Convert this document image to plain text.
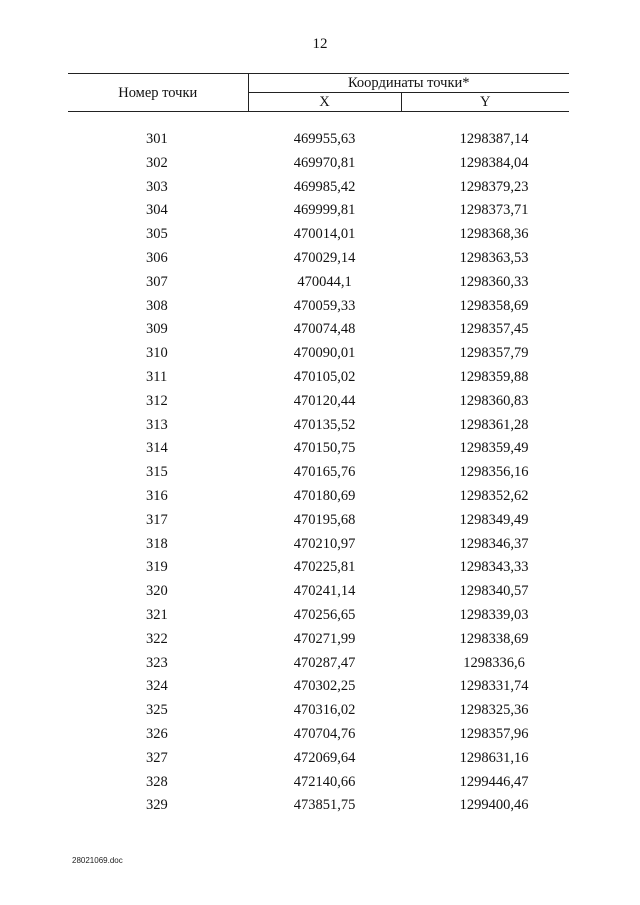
12
Номер точки	Координаты точки*	
	X	Y

301	469955,63	1298387,14
302	469970,81	1298384,04
303	469985,42	1298379,23
304	469999,81	1298373,71
305	470014,01	1298368,36
306	470029,14	1298363,53
307	470044,1	1298360,33
308	470059,33	1298358,69
309	470074,48	1298357,45
310	470090,01	1298357,79
311	470105,02	1298359,88
312	470120,44	1298360,83
313	470135,52	1298361,28
314	470150,75	1298359,49
315	470165,76	1298356,16
316	470180,69	1298352,62
317	470195,68	1298349,49
318	470210,97	1298346,37
319	470225,81	1298343,33
320	470241,14	1298340,57
321	470256,65	1298339,03
322	470271,99	1298338,69
323	470287,47	1298336,6
324	470302,25	1298331,74
325	470316,02	1298325,36
326	470704,76	1298357,96
327	472069,64	1298631,16
328	472140,66	1299446,47
329	473851,75	1299400,46
28021069.doc
